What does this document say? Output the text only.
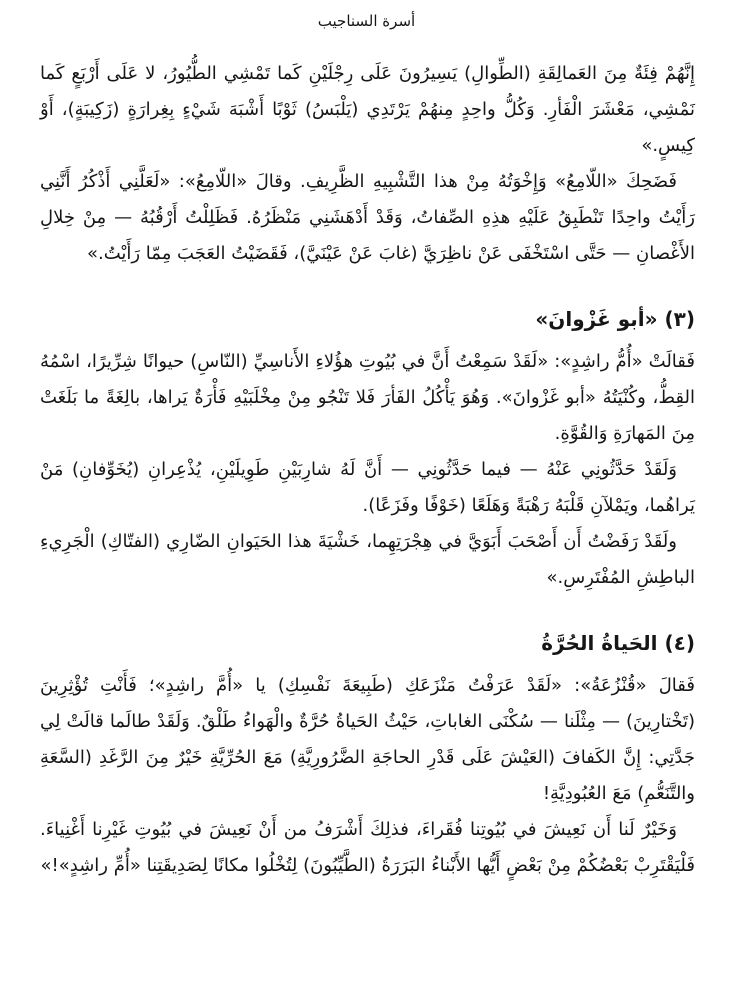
أسرة السناجيب

إِنَّهُمْ فِئَةٌ مِنَ العَمالِقَةِ (الطِّوالِ) يَسِيرُونَ عَلَى رِجْلَيْنِ كَما تَمْشِي الطُّيُورُ، لا عَلَى أَرْبَعٍ كَما نَمْشِي، مَعْشَرَ الْفَأرِ. وَكُلُّ واحِدٍ مِنهُمْ يَرْتَدِي (يَلْبَسُ) ثَوْبًا أَشْبَهَ شَيْءٍ بِغِرارَةٍ (زَكِيبَةٍ)، أَوْ كِيسٍ.»

فَضَحِكَ «اللّامِعُ» وَإِخْوَتُهُ مِنْ هذا التَّشْبِيهِ الظَّرِيفِ. وقالَ «اللّامِعُ»: «لَعَلَّنِي أَذْكُرُ أَنَّنِي رَأَيْتُ واحِدًا تَنْطَبِقُ عَلَيْهِ هذِهِ الصِّفاتُ، وَقَدْ أَدْهَشَنِي مَنْظَرُهُ. فَظَلِلْتُ أَرْقُبُهُ — مِنْ خِلالِ الأَغْصانِ — حَتَّى اسْتَخْفَى عَنْ ناظِرَيَّ (غابَ عَنْ عَيْنَيَّ)، فَقَضَيْتُ العَجَبَ مِمّا رَأَيْتُ.»

(٣) «أبو غَزْوانَ»

فَقالَتْ «أُمُّ راشِدٍ»: «لَقَدْ سَمِعْتُ أَنَّ في بُيُوتِ هؤُلاءِ الأَناسِيِّ (النّاسِ) حيوانًا شِرِّيرًا، اسْمُهُ القِطُّ، وكُنْيَتُهُ «أبو غَزْوانَ». وَهُوَ يَأْكُلُ الفَأرَ فَلا تَنْجُو مِنْ مِخْلَبَيْهِ فَأْرَةٌ يَراها، بالِغَةً ما بَلَغَتْ مِنَ المَهارَةِ وَالقُوَّةِ.

وَلَقَدْ حَدَّثُونِي عَنْهُ — فيما حَدَّثُونِي — أَنَّ لَهُ شارِبَيْنِ طَوِيلَيْنِ، يُذْعِرانِ (يُخَوِّفانِ) مَنْ يَراهُما، ويَمْلآنِ قَلْبَهُ رَهْبَةً وَهَلَعًا (خَوْفًا وفَزَعًا).

ولَقَدْ رَفَضْتُ أَن أَصْحَبَ أَبَوَيَّ في هِجْرَتِهِما، خَشْيَةَ هذا الحَيَوانِ الضّارِي (الفتّاكِ) الْجَرِيءِ الباطِشِ المُفْتَرِسِ.»

(٤) الحَياةُ الحُرَّةُ

فَقالَ «قُنْزُعَةُ»: «لَقَدْ عَرَفْتُ مَنْزَعَكِ (طَبِيعَةَ نَفْسِكِ) يا «أُمَّ راشِدٍ»؛ فَأَنْتِ تُؤْثِرِينَ (تَخْتارِينَ) — مِثْلَنا — سُكْنَى الغاباتِ، حَيْثُ الحَياةُ حُرَّةٌ والْهَواءُ طَلْقٌ. وَلَقَدْ طالَما قالَتْ لِي جَدَّتِي: إِنَّ الكَفافَ (العَيْشَ عَلَى قَدْرِ الحاجَةِ الضَّرُورِيَّةِ) مَعَ الحُرِّيَّةِ خَيْرٌ مِنَ الرَّغَدِ (السَّعَةِ والتَّنَعُّمِ) مَعَ العُبُودِيَّةِ!

وَخَيْرٌ لَنا أَن نَعِيشَ في بُيُوتِنا فُقَراءَ، فذلِكَ أَشْرَفُ من أَنْ نَعِيشَ في بُيُوتِ غَيْرِنا أَغْنِياءَ. فَلْيَقْتَرِبْ بَعْضُكُمْ مِنْ بَعْضٍ أَيُّها الأَبْناءُ البَرَرَةُ (الطَّيِّبُونَ) لِتُخْلُوا مكانًا لِصَدِيقَتِنا «أُمِّ راشِدٍ»!»
